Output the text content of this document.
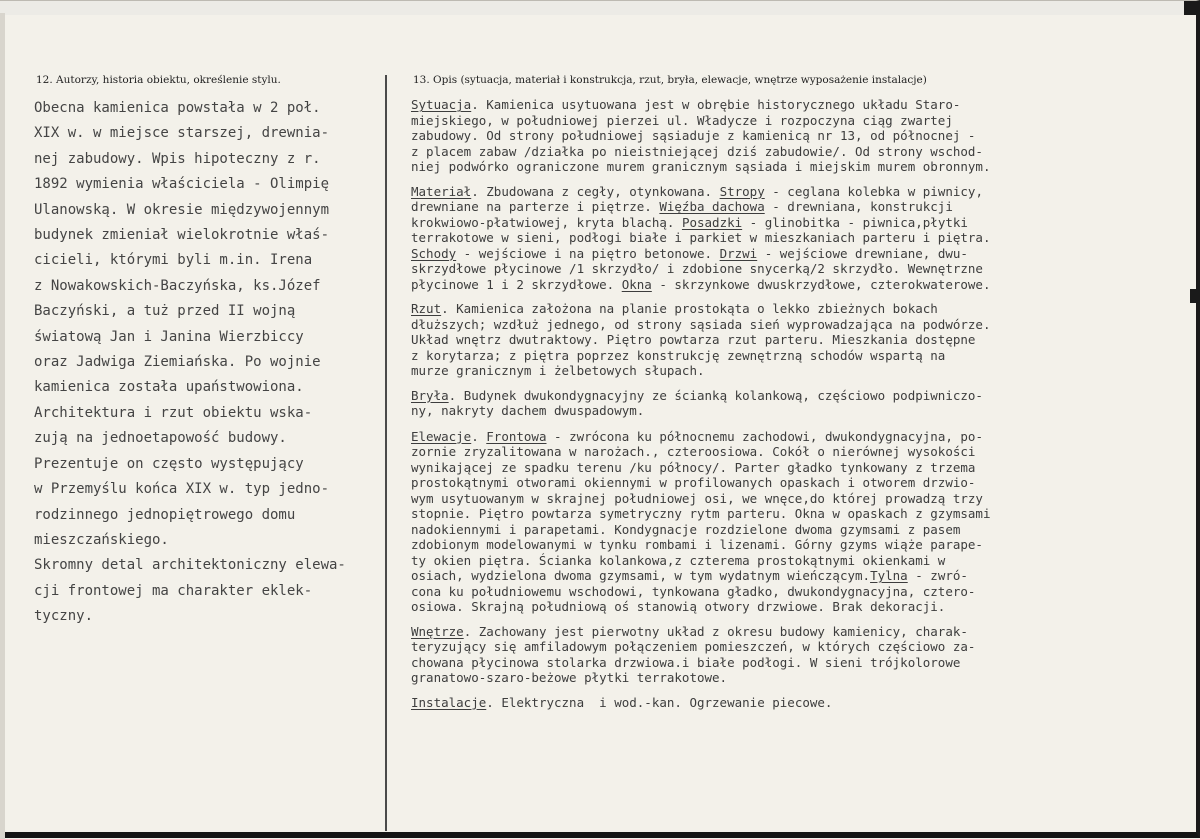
12. Autorzy, historia obiektu, określenie stylu.	13. Opis (sytuacja, materiał i konstrukcja, rzut, bryła, elewacje, wnętrze wyposażenie instalacje)
Obecna kamienica powstała w 2 poł.
XIX w. w miejsce starszej, drewnia-
nej zabudowy. Wpis hipoteczny z r.
1892 wymienia właściciela - Olimpię
Ulanowską. W okresie międzywojennym
budynek zmieniał wielokrotnie właś-
cicieli, którymi byli m.in. Irena
z Nowakowskich-Baczyńska, ks.Józef
Baczyński, a tuż przed II wojną
światową Jan i Janina Wierzbiccy
oraz Jadwiga Ziemiańska. Po wojnie
kamienica została upaństwowiona.
Architektura i rzut obiektu wska-
zują na jednoetapowość budowy.
Prezentuje on często występujący
w Przemyślu końca XIX w. typ jedno-
rodzinnego jednopiętrowego domu
mieszczańskiego.
Skromny detal architektoniczny elewa-
cji frontowej ma charakter eklek-
tyczny.
Sytuacja. Kamienica usytuowana jest w obrębie historycznego układu Staro-
miejskiego, w południowej pierzei ul. Władycze i rozpoczyna ciąg zwartej
zabudowy. Od strony południowej sąsiaduje z kamienicą nr 13, od północnej -
z placem zabaw /działka po nieistniejącej dziś zabudowie/. Od strony wschod-
niej podwórko ograniczone murem granicznym sąsiada i miejskim murem obronnym.
Materiał. Zbudowana z cegły, otynkowana. Stropy - ceglana kolebka w piwnicy,
drewniane na parterze i piętrze. Więźba dachowa - drewniana, konstrukcji
krokwiowo-płatwiowej, kryta blachą. Posadzki - glinobitka - piwnica,płytki
terrakotowe w sieni, podłogi białe i parkiet w mieszkaniach parteru i piętra.
Schody - wejściowe i na piętro betonowe. Drzwi - wejściowe drewniane, dwu-
skrzydłowe płycinowe /1 skrzydło/ i zdobione snycerką/2 skrzydło. Wewnętrzne
płycinowe 1 i 2 skrzydłowe. Okna - skrzynkowe dwuskrzydłowe, czterokwaterowe.
Rzut. Kamienica założona na planie prostokąta o lekko zbieżnych bokach
dłuższych; wzdłuż jednego, od strony sąsiada sień wyprowadzająca na podwórze.
Układ wnętrz dwutraktowy. Piętro powtarza rzut parteru. Mieszkania dostępne
z korytarza; z piętra poprzez konstrukcję zewnętrzną schodów wspartą na
murze granicznym i żelbetowych słupach.
Bryła. Budynek dwukondygnacyjny ze ścianką kolankową, częściowo podpiwniczo-
ny, nakryty dachem dwuspadowym.
Elewacje. Frontowa - zwrócona ku północnemu zachodowi, dwukondygnacyjna, po-
zornie zryzalitowana w narożach., czteroosiowa. Cokół o nierównej wysokości
wynikającej ze spadku terenu /ku północy/. Parter gładko tynkowany z trzema
prostokątnymi otworami okiennymi w profilowanych opaskach i otworem drzwio-
wym usytuowanym w skrajnej południowej osi, we wnęce,do której prowadzą trzy
stopnie. Piętro powtarza symetryczny rytm parteru. Okna w opaskach z gzymsami
nadokiennymi i parapetami. Kondygnacje rozdzielone dwoma gzymsami z pasem
zdobionym modelowanymi w tynku rombami i lizenami. Górny gzyms wiąże parape-
ty okien piętra. Ścianka kolankowa,z czterema prostokątnymi okienkami w
osiach, wydzielona dwoma gzymsami, w tym wydatnym wieńczącym.Tylna - zwró-
cona ku południowemu wschodowi, tynkowana gładko, dwukondygnacyjna, cztero-
osiowa. Skrajną południową oś stanowią otwory drzwiowe. Brak dekoracji.
Wnętrze. Zachowany jest pierwotny układ z okresu budowy kamienicy, charak-
teryzujący się amfiladowym połączeniem pomieszczeń, w których częściowo za-
chowana płycinowa stolarka drzwiowa.i białe podłogi. W sieni trójkolorowe
granatowo-szaro-beżowe płytki terrakotowe.
Instalacje. Elektryczna  i wod.-kan. Ogrzewanie piecowe.
